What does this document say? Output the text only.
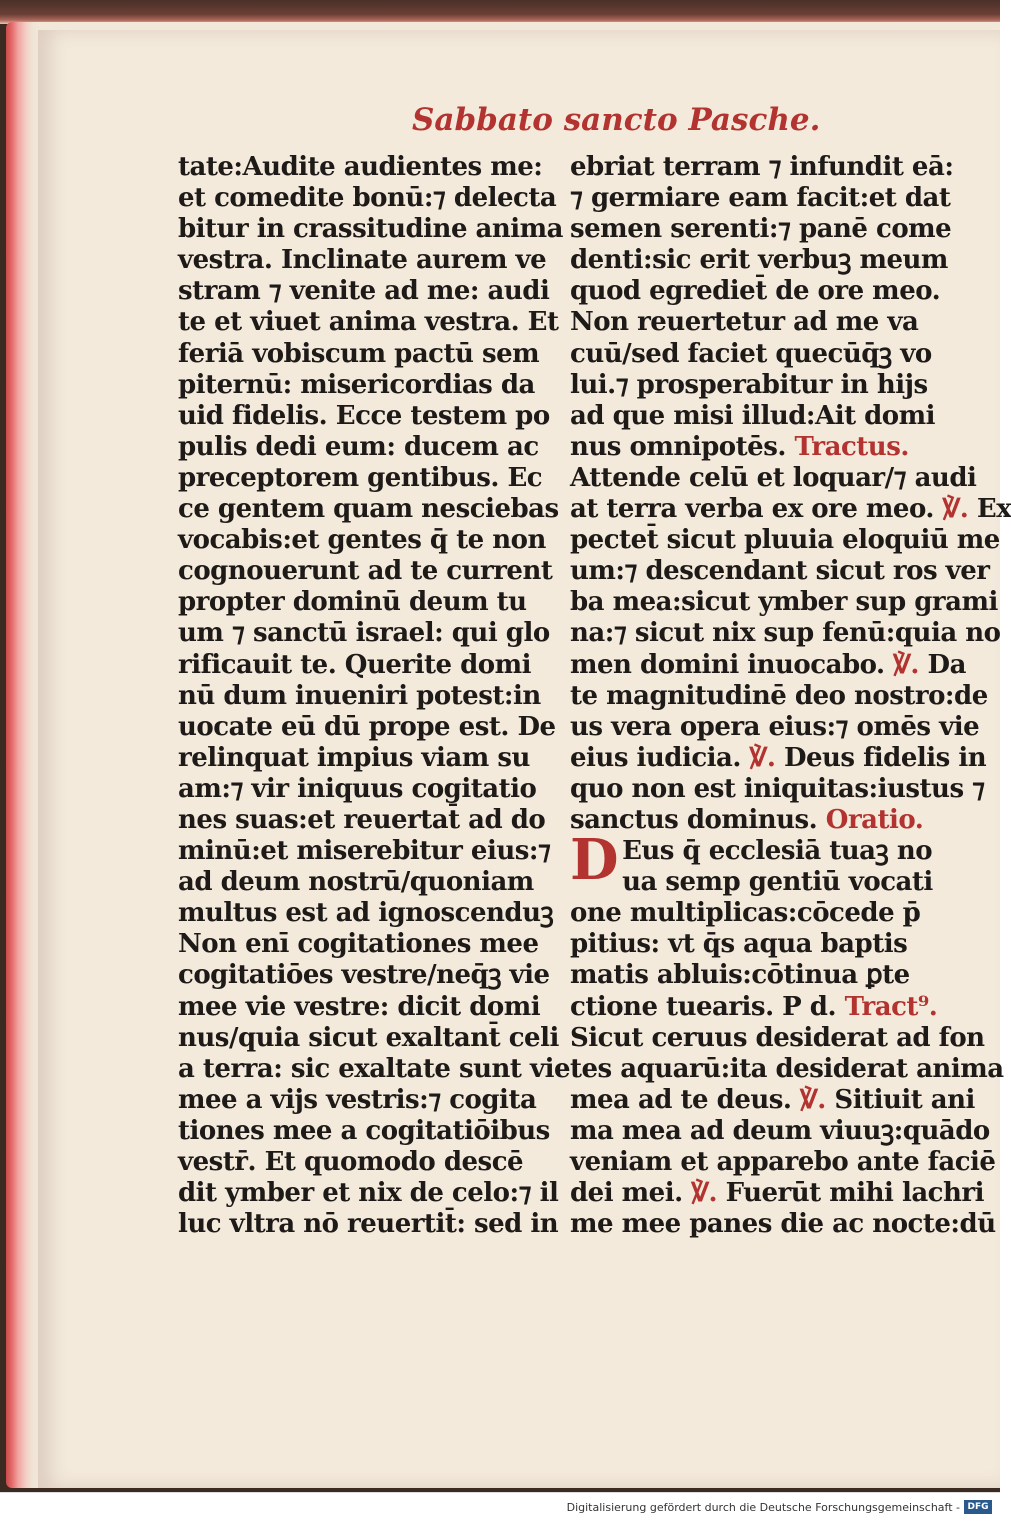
Sabbato sancto Pasche.
tate:Audite audientes me:
et comedite bonū:⁊ delecta
bitur in crassitudine anima
vestra. Inclinate aurem ve
stram ⁊ venite ad me: audi
te et viuet anima vestra. Et
feriā vobiscum pactū sem
piternū: misericordias da
uid fidelis. Ecce testem po
pulis dedi eum: ducem ac
preceptorem gentibus. Ec
ce gentem quam nesciebas
vocabis:et gentes q̄ te non
cognouerunt ad te current
propter dominū deum tu
um ⁊ sanctū israel: qui glo
rificauit te. Querite domi
nū dum inueniri potest:in
uocate eū dū prope est. De
relinquat impius viam su
am:⁊ vir iniquus cogitatio
nes suas:et reuertat̄ ad do
minū:et miserebitur eius:⁊
ad deum nostrū/quoniam
multus est ad ignoscenduꝫ
Non enī cogitationes mee
cogitatiōes vestre/neq̄ꝫ vie
mee vie vestre: dicit domi
nus/quia sicut exaltant̄ celi
a terra: sic exaltate sunt vie
mee a vijs vestris:⁊ cogita
tiones mee a cogitatiōibus
vestr̄. Et quomodo descē
dit ymber et nix de celo:⁊ il
luc vltra nō reuertit̄: sed in
ebriat terram ⁊ infundit eā:
⁊ germiare eam facit:et dat
semen serenti:⁊ panē come
denti:sic erit verbuꝫ meum
quod egrediet̄ de ore meo.
Non reuertetur ad me va
cuū/sed faciet quecūq̄ꝫ vo
lui.⁊ prosperabitur in hijs
ad que misi illud:Ait domi
nus omnipotēs. Tractus.
Attende celū et loquar/⁊ audi
at terra verba ex ore meo. ℣. Ex
pectet̄ sicut pluuia eloquiū me
um:⁊ descendant sicut ros ver
ba mea:sicut ymber sup grami
na:⁊ sicut nix sup fenū:quia no
men domini inuocabo. ℣. Da
te magnitudinē deo nostro:de
us vera opera eius:⁊ omēs vie
eius iudicia. ℣. Deus fidelis in
quo non est iniquitas:iustus ⁊
sanctus dominus. Oratio.
D Eus q̄ ecclesiā tuaꝫ no
ua semp gentiū vocati
one multiplicas:cōcede p̄
pitius: vt q̄s aqua baptis
matis abluis:cōtinua ꝑte
ctione tuearis. P d. Tract⁹.
Sicut ceruus desiderat ad fon
tes aquarū:ita desiderat anima
mea ad te deus. ℣. Sitiuit ani
ma mea ad deum viuuꝫ:quādo
veniam et apparebo ante faciē
dei mei. ℣. Fuerūt mihi lachri
me mee panes die ac nocte:dū
Digitalisierung gefördert durch die Deutsche Forschungsgemeinschaft - DFG
